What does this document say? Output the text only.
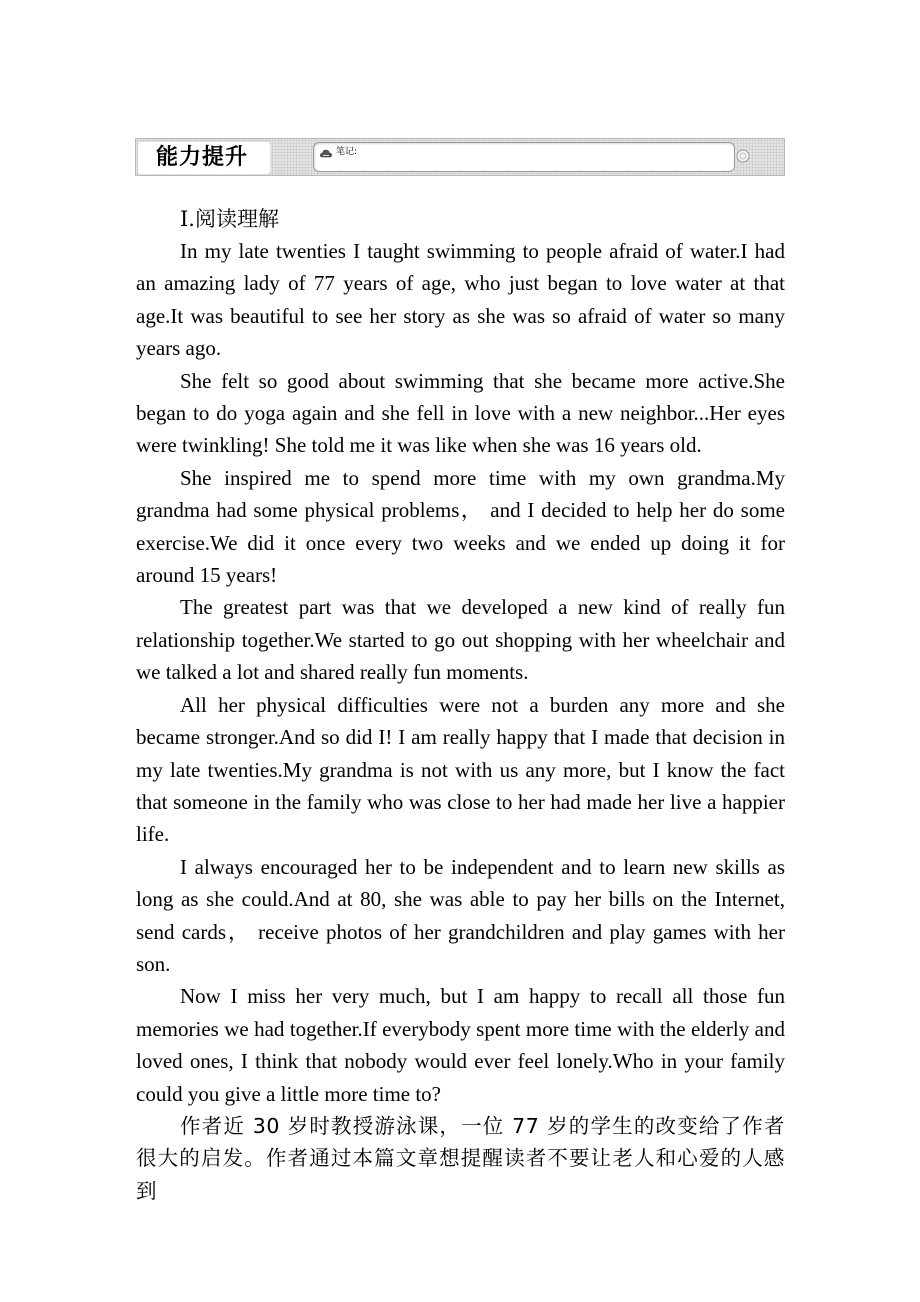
能力提升	笔记:
Ⅰ.阅读理解

In my late twenties I taught swimming to people afraid of water.I had an amazing lady of 77 years of age, who just began to love water at that age.It was beautiful to see her story as she was so afraid of water so many years ago.

She felt so good about swimming that she became more active.She began to do yoga again and she fell in love with a new neighbor...Her eyes were twinkling! She told me it was like when she was 16 years old.

She inspired me to spend more time with my own grandma.My grandma had some physical problems， and I decided to help her do some exercise.We did it once every two weeks and we ended up doing it for around 15 years!

The greatest part was that we developed a new kind of really fun relationship together.We started to go out shopping with her wheelchair and we talked a lot and shared really fun moments.

All her physical difficulties were not a burden any more and she became stronger.And so did I! I am really happy that I made that decision in my late twenties.My grandma is not with us any more, but I know the fact that someone in the family who was close to her had made her live a happier life.

I always encouraged her to be independent and to learn new skills as long as she could.And at 80, she was able to pay her bills on the Internet, send cards， receive photos of her grandchildren and play games with her son.

Now I miss her very much, but I am happy to recall all those fun memories we had together.If everybody spent more time with the elderly and loved ones, I think that nobody would ever feel lonely.Who in your family could you give a little more time to?

作者近 30 岁时教授游泳课，一位 77 岁的学生的改变给了作者很大的启发。作者通过本篇文章想提醒读者不要让老人和心爱的人感到
